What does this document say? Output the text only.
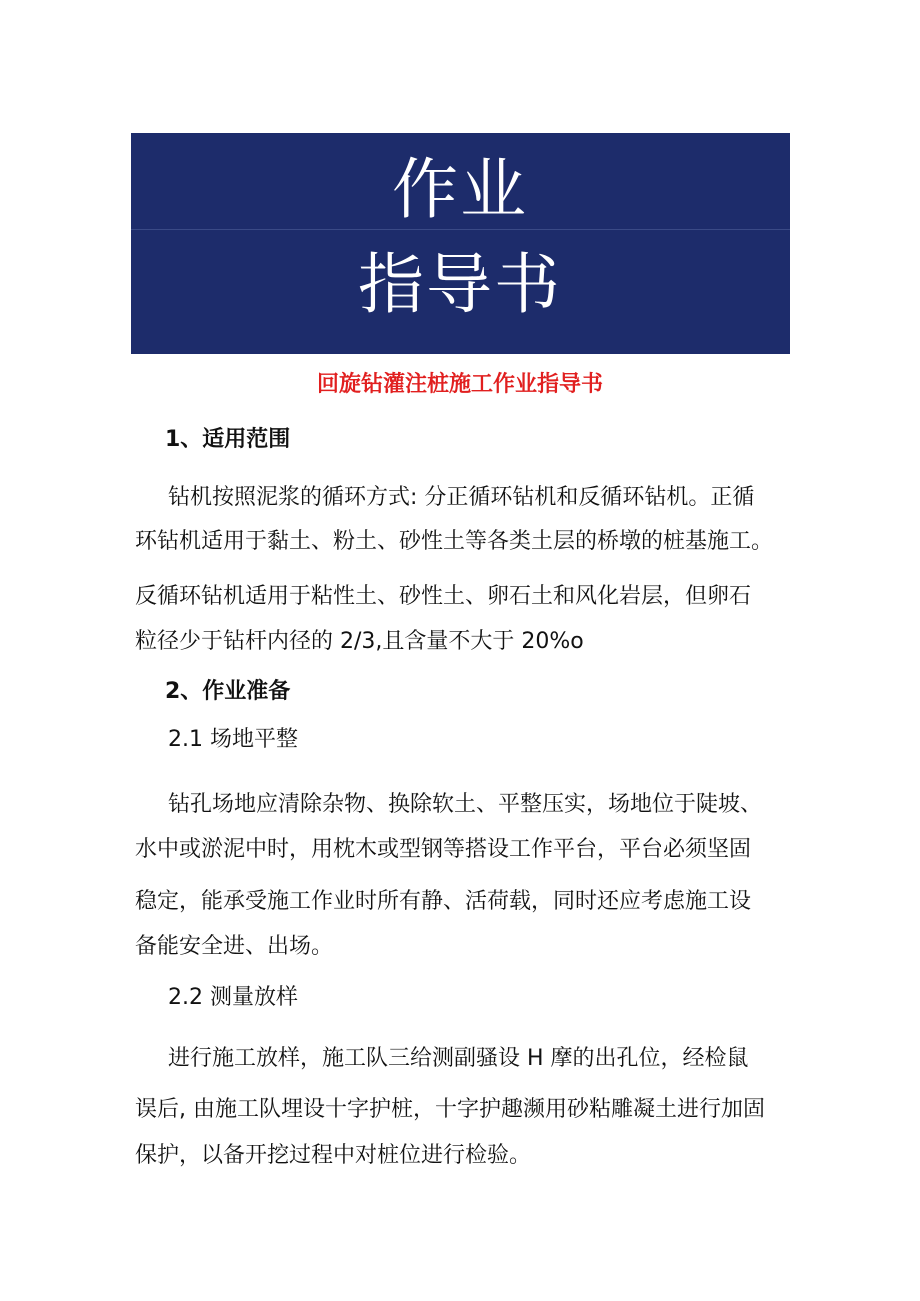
作业
指导书
回旋钻灌注桩施工作业指导书
1、适用范围
钻机按照泥浆的循环方式: 分正循环钻机和反循环钻机。正循
环钻机适用于黏土、粉土、砂性土等各类土层的桥墩的桩基施工。
反循环钻机适用于粘性土、砂性土、卵石土和风化岩层，但卵石
粒径少于钻杆内径的 2/3,且含量不大于 20%o
2、作业准备
2.1 场地平整
钻孔场地应清除杂物、换除软土、平整压实，场地位于陡坡、
水中或淤泥中时，用枕木或型钢等搭设工作平台，平台必须坚固
稳定，能承受施工作业时所有静、活荷载，同时还应考虑施工设
备能安全进、出场。
2.2 测量放样
进行施工放样，施工队三给测副骚设 H 摩的出孔位，经检鼠
误后, 由施工队埋设十字护桩，十字护趣濒用砂粘雕凝土进行加固
保护，以备开挖过程中对桩位进行检验。
